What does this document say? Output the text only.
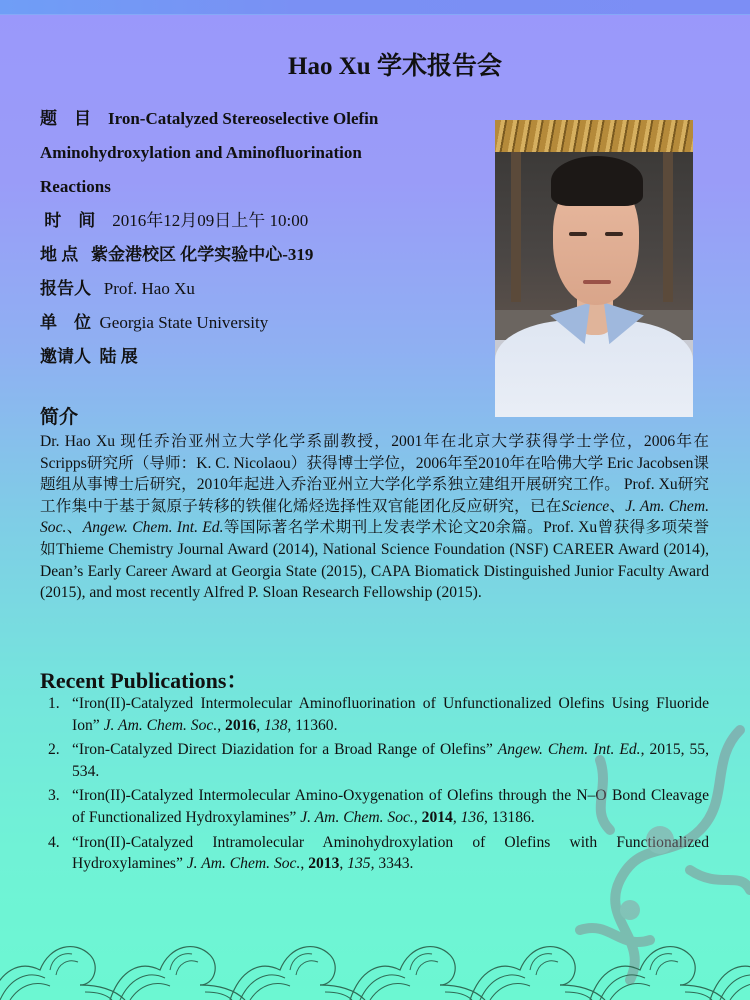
Hao Xu 学术报告会
题　目 Iron-Catalyzed Stereoselective Olefin
Aminohydroxylation and Aminofluorination
Reactions
时　间 2016年12月09日上午 10:00
地 点 紫金港校区 化学实验中心-319
报告人 Prof. Hao Xu
单　位 Georgia State University
邀请人 陆 展
简介
Dr. Hao Xu 现任乔治亚州立大学化学系副教授，2001年在北京大学获得学士学位，2006年在 Scripps研究所（导师：K. C. Nicolaou）获得博士学位，2006年至2010年在哈佛大学 Eric Jacobsen课题组从事博士后研究，2010年起进入乔治亚州立大学化学系独立建组开展研究工作。 Prof. Xu研究工作集中于基于氮原子转移的铁催化烯烃选择性双官能团化反应研究，已在Science、J. Am. Chem. Soc.、Angew. Chem. Int. Ed.等国际著名学术期刊上发表学术论文20余篇。Prof. Xu曾获得多项荣誉如Thieme Chemistry Journal Award (2014), National Science Foundation (NSF) CAREER Award (2014), Dean’s Early Career Award at Georgia State (2015), CAPA Biomatick Distinguished Junior Faculty Award (2015), and most recently Alfred P. Sloan Research Fellowship (2015).
Recent Publications：
1. “Iron(II)-Catalyzed Intermolecular Aminofluorination of Unfunctionalized Olefins Using Fluoride Ion” J. Am. Chem. Soc., 2016, 138, 11360.
2. “Iron-Catalyzed Direct Diazidation for a Broad Range of Olefins” Angew. Chem. Int. Ed., 2015, 55, 534.
3. “Iron(II)-Catalyzed Intermolecular Amino-Oxygenation of Olefins through the N–O Bond Cleavage of Functionalized Hydroxylamines” J. Am. Chem. Soc., 2014, 136, 13186.
4. “Iron(II)-Catalyzed Intramolecular Aminohydroxylation of Olefins with Functionalized Hydroxylamines” J. Am. Chem. Soc., 2013, 135, 3343.
